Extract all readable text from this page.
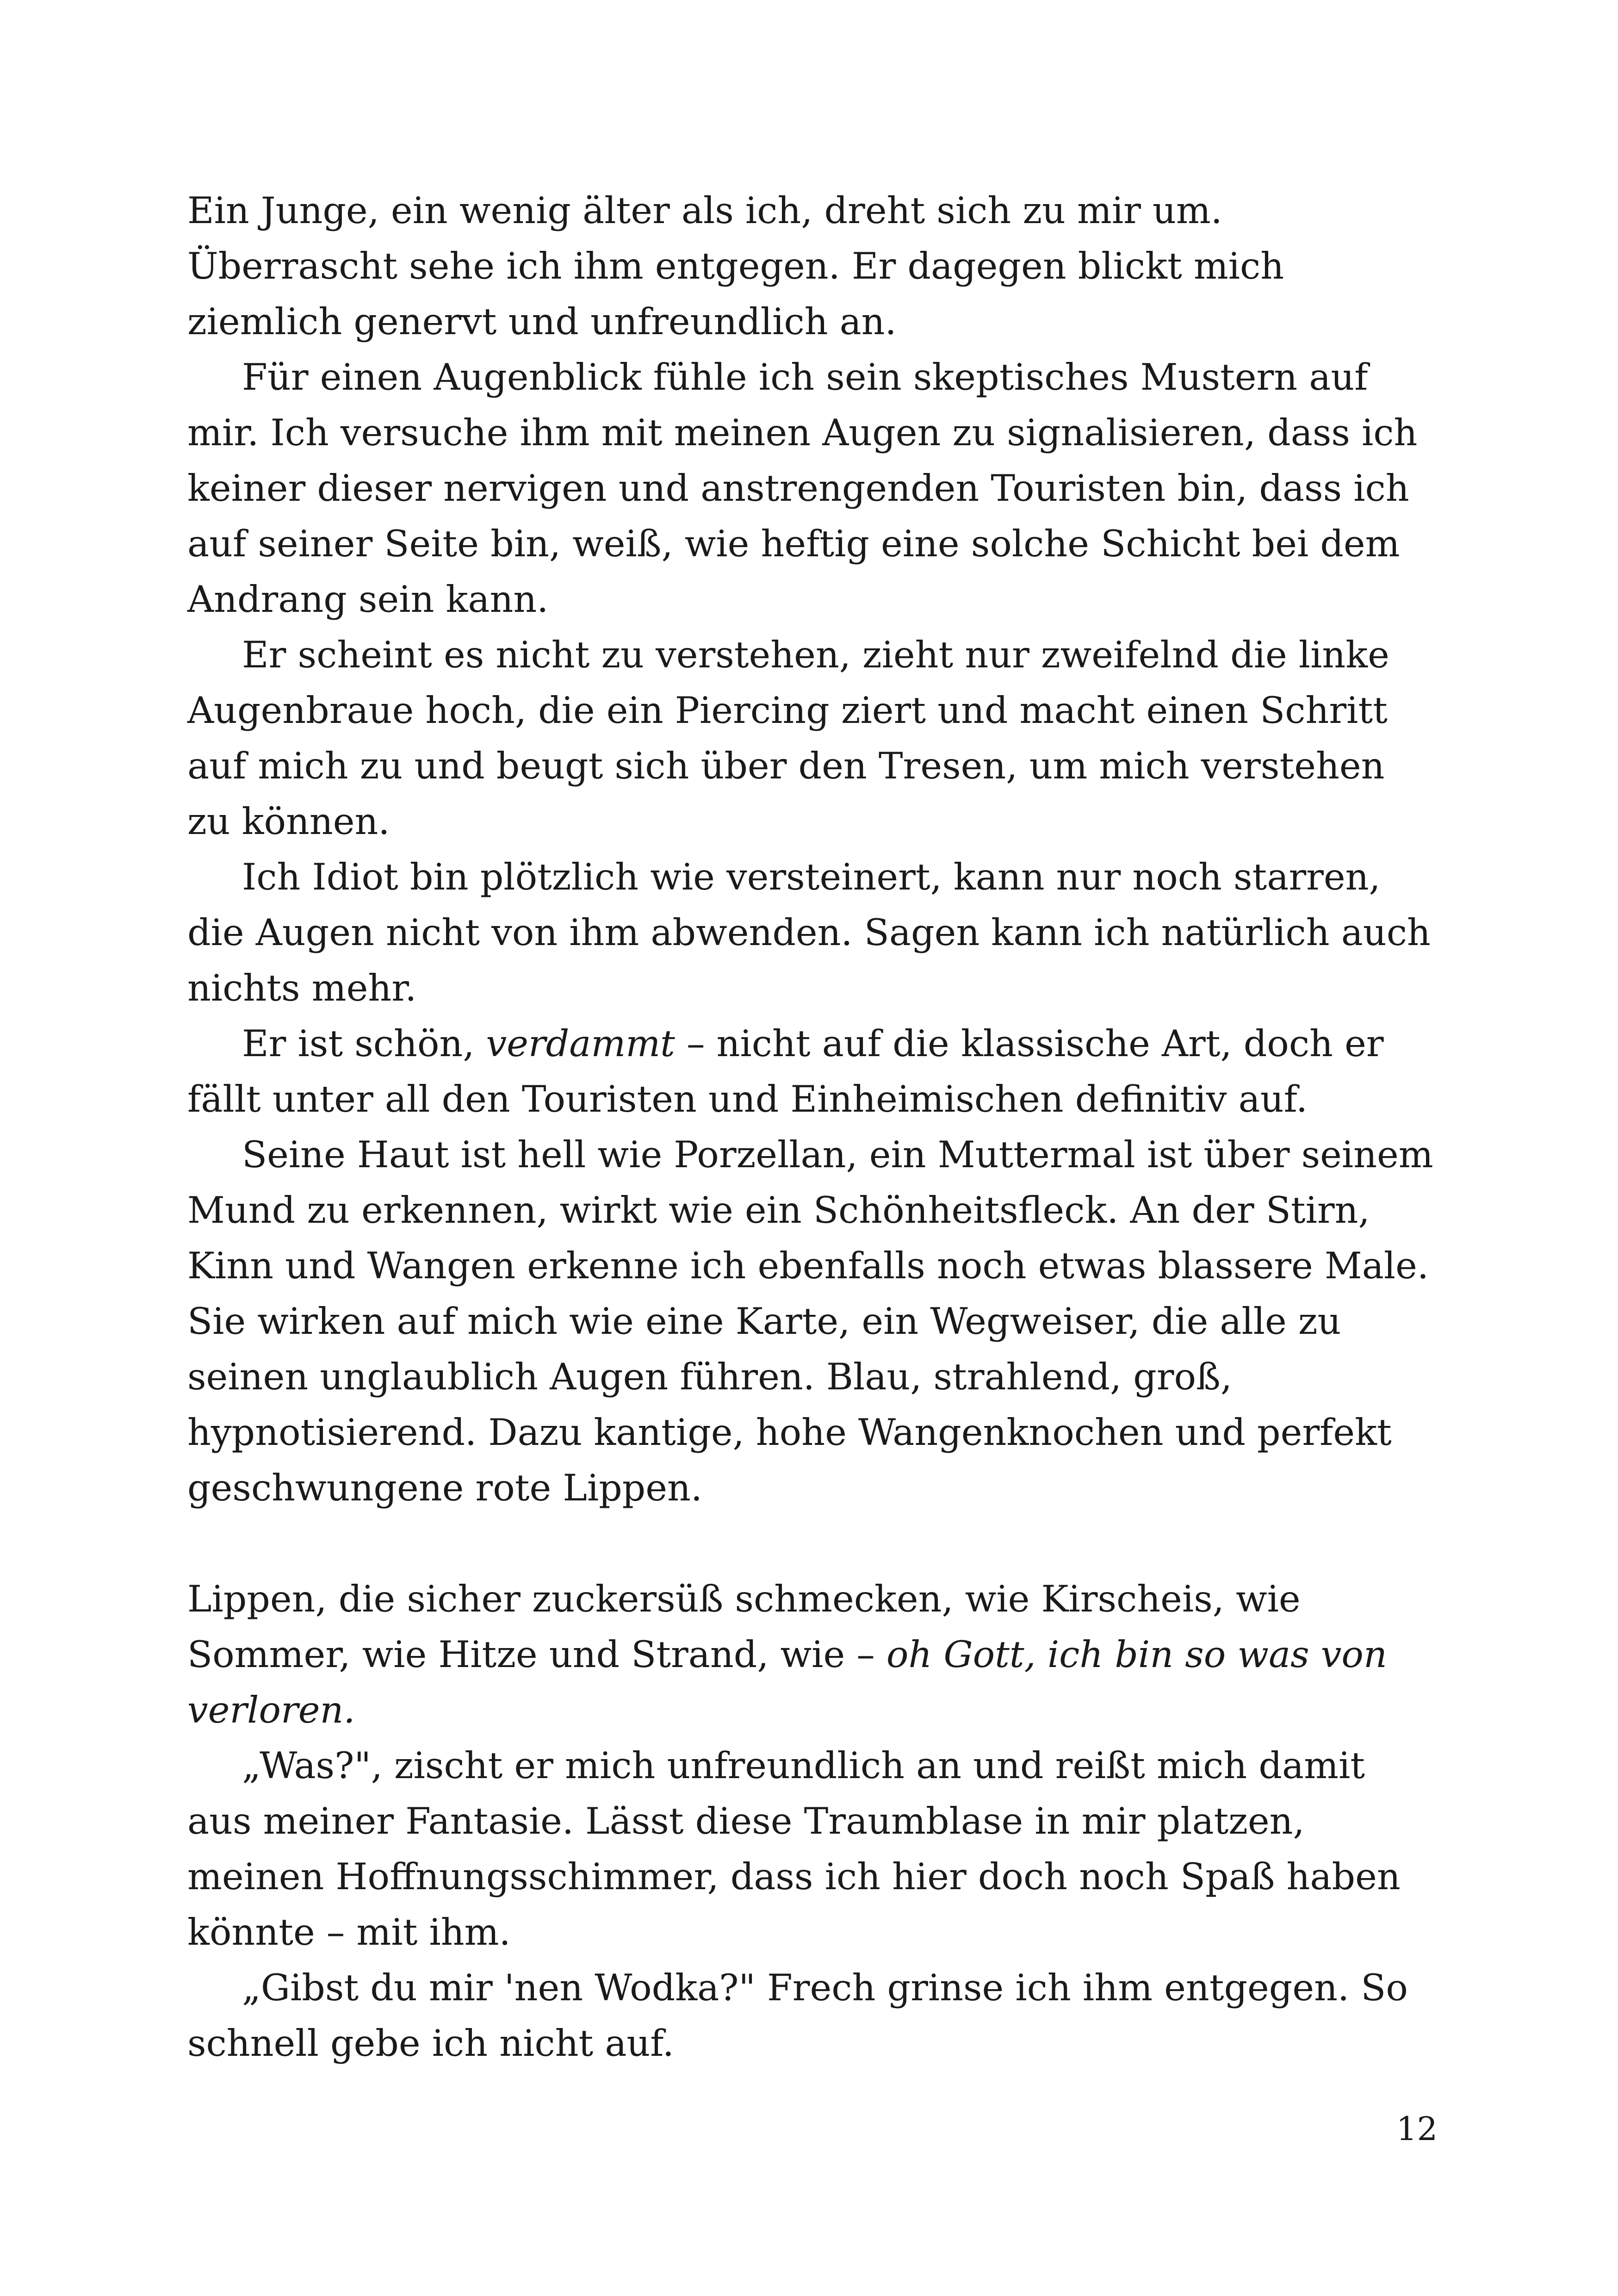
Ein Junge, ein wenig älter als ich, dreht sich zu mir um. Überrascht sehe ich ihm entgegen. Er dagegen blickt mich ziemlich genervt und unfreundlich an.

Für einen Augenblick fühle ich sein skeptisches Mustern auf mir. Ich versuche ihm mit meinen Augen zu signalisieren, dass ich keiner dieser nervigen und anstrengenden Touristen bin, dass ich auf seiner Seite bin, weiß, wie heftig eine solche Schicht bei dem Andrang sein kann.

Er scheint es nicht zu verstehen, zieht nur zweifelnd die linke Augenbraue hoch, die ein Piercing ziert und macht einen Schritt auf mich zu und beugt sich über den Tresen, um mich verstehen zu können.

Ich Idiot bin plötzlich wie versteinert, kann nur noch starren, die Augen nicht von ihm abwenden. Sagen kann ich natürlich auch nichts mehr.

Er ist schön, verdammt – nicht auf die klassische Art, doch er fällt unter all den Touristen und Einheimischen definitiv auf.

Seine Haut ist hell wie Porzellan, ein Muttermal ist über seinem Mund zu erkennen, wirkt wie ein Schönheitsfleck. An der Stirn, Kinn und Wangen erkenne ich ebenfalls noch etwas blassere Male. Sie wirken auf mich wie eine Karte, ein Wegweiser, die alle zu seinen unglaublich Augen führen. Blau, strahlend, groß, hypnotisierend. Dazu kantige, hohe Wangenknochen und perfekt geschwungene rote Lippen.

Lippen, die sicher zuckersüß schmecken, wie Kirscheis, wie Sommer, wie Hitze und Strand, wie – oh Gott, ich bin so was von verloren.

„Was?", zischt er mich unfreundlich an und reißt mich damit aus meiner Fantasie. Lässt diese Traumblase in mir platzen, meinen Hoffnungsschimmer, dass ich hier doch noch Spaß haben könnte – mit ihm.

„Gibst du mir 'nen Wodka?" Frech grinse ich ihm entgegen. So schnell gebe ich nicht auf.

12
